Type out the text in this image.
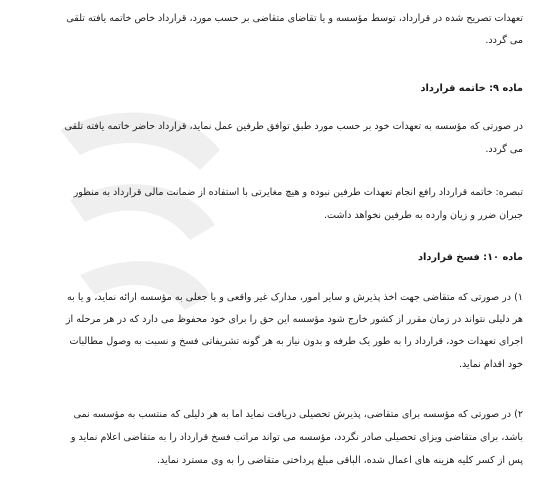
تعهدات تصریح شده در قرارداد، توسط مؤسسه و یا تقاضای متقاضی بر حسب مورد، قرارداد خاص خاتمه یافته تلقی
می گردد.
ماده ۹: خاتمه قرارداد
در صورتی که مؤسسه به تعهدات خود بر حسب مورد طبق توافق طرفین عمل نماید، قرارداد حاضر خاتمه یافته تلقی
می گردد.
تبصره: خاتمه قرارداد رافع انجام تعهدات طرفین نبوده و هیچ مغایرتی با استفاده از ضمانت مالی قرارداد به منظور
جبران ضرر و زیان وارده به طرفین نخواهد داشت.
ماده ۱۰: فسخ قرارداد
۱) در صورتی که متقاضی جهت اخذ پذیرش و سایر امور، مدارک غیر واقعی و یا جعلی به مؤسسه ارائه نماید، و یا به
هر دلیلی نتواند در زمان مقرر از کشور خارج شود مؤسسه این حق را برای خود محفوظ می دارد که در هر مرحله از
اجرای تعهدات خود، قرارداد را به طور یک طرفه و بدون نیاز به هر گونه تشریفاتی فسخ و نسبت به وصول مطالبات
خود اقدام نماید.
۲) در صورتی که مؤسسه برای متقاضی، پذیرش تحصیلی دریافت نماید اما به هر دلیلی که منتسب به مؤسسه نمی
باشد، برای متقاضی ویزای تحصیلی صادر نگردد، مؤسسه می تواند مراتب فسخ قرارداد را به متقاضی اعلام نماید و
پس از کسر کلیه هزینه های اعمال شده، الباقی مبلغ پرداختی متقاضی را به وی مسترد نماید.
